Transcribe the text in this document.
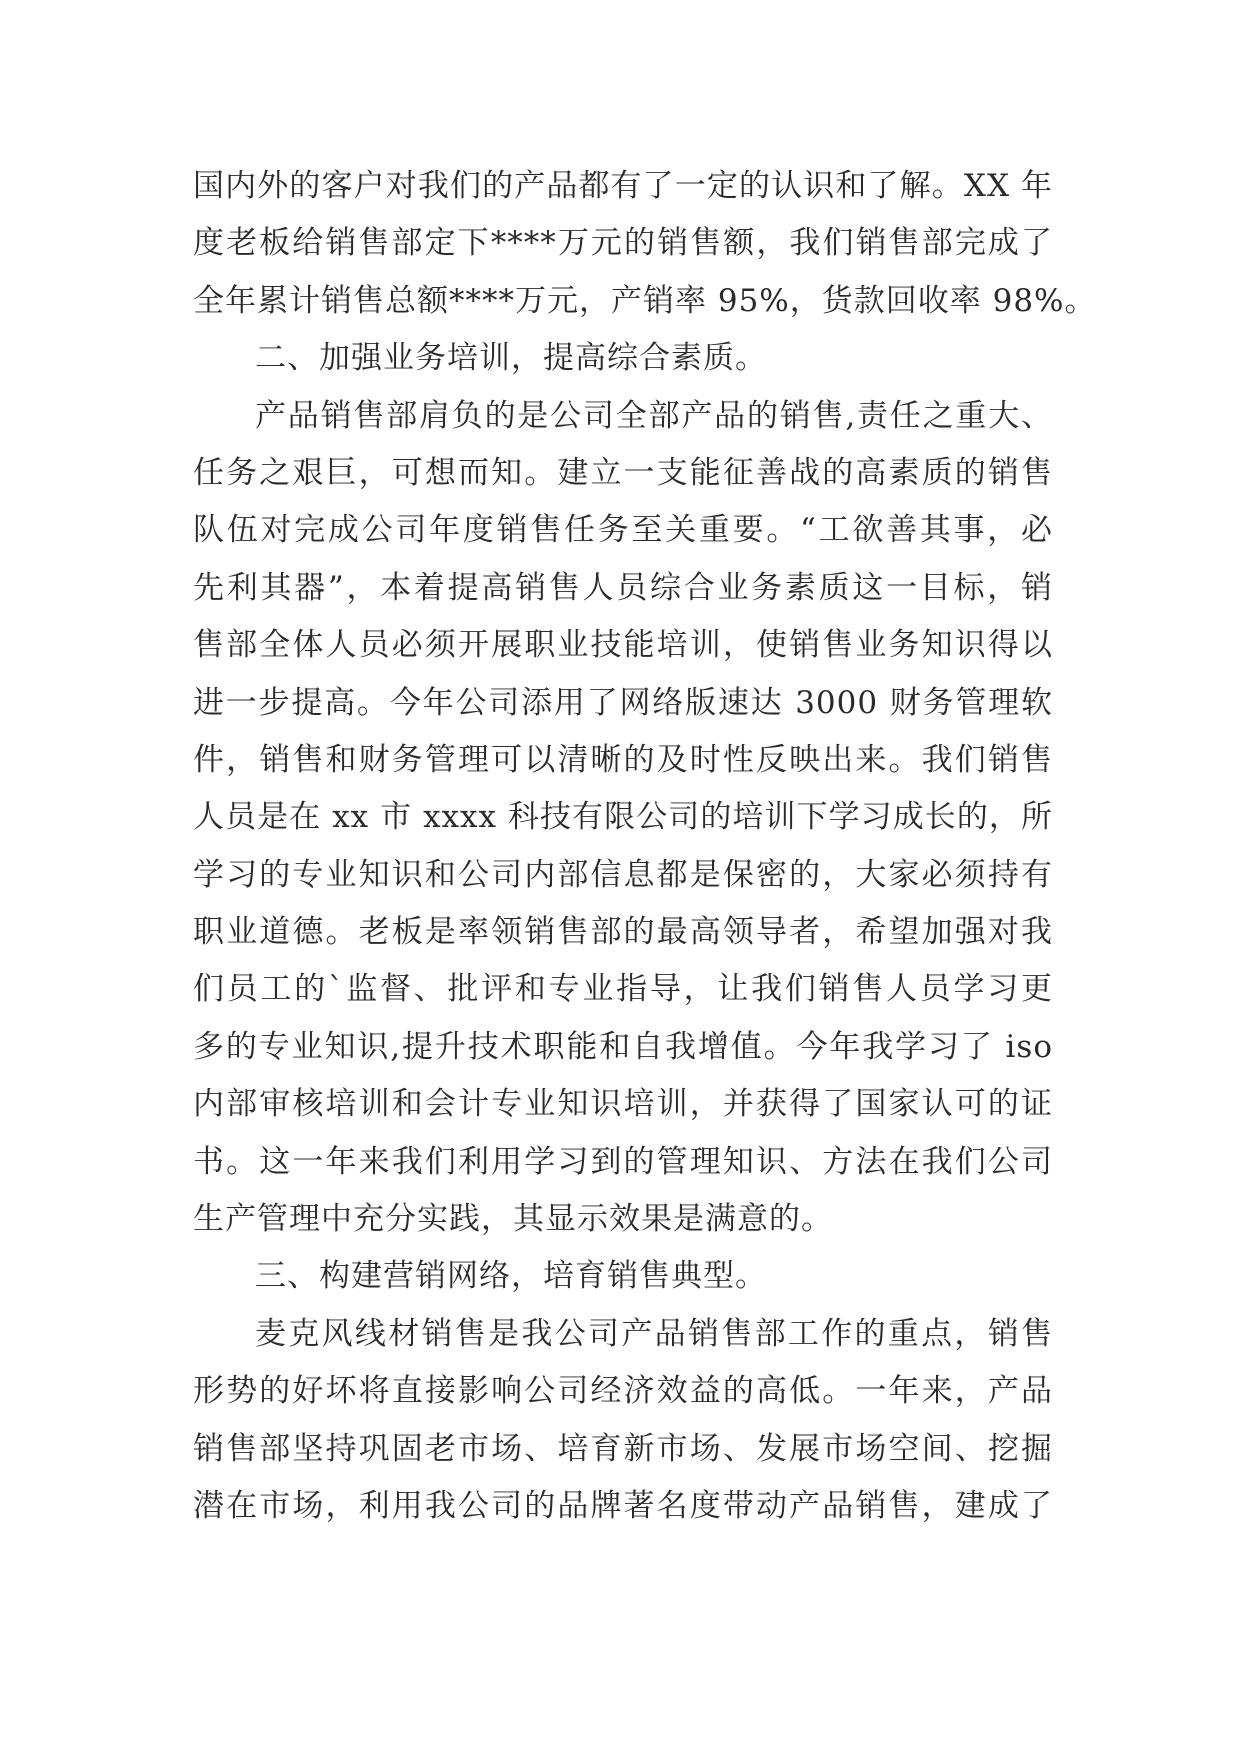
国内外的客户对我们的产品都有了一定的认识和了解。XX 年
度老板给销售部定下****万元的销售额，我们销售部完成了
全年累计销售总额****万元，产销率 95%，货款回收率 98%。
二、加强业务培训，提高综合素质。
产品销售部肩负的是公司全部产品的销售,责任之重大、
任务之艰巨，可想而知。建立一支能征善战的高素质的销售
队伍对完成公司年度销售任务至关重要。“工欲善其事，必
先利其器”，本着提高销售人员综合业务素质这一目标，销
售部全体人员必须开展职业技能培训，使销售业务知识得以
进一步提高。今年公司添用了网络版速达 3000 财务管理软
件，销售和财务管理可以清晰的及时性反映出来。我们销售
人员是在 xx 市 xxxx 科技有限公司的培训下学习成长的，所
学习的专业知识和公司内部信息都是保密的，大家必须持有
职业道德。老板是率领销售部的最高领导者，希望加强对我
们员工的`监督、批评和专业指导，让我们销售人员学习更
多的专业知识,提升技术职能和自我增值。今年我学习了 iso
内部审核培训和会计专业知识培训，并获得了国家认可的证
书。这一年来我们利用学习到的管理知识、方法在我们公司
生产管理中充分实践，其显示效果是满意的。
三、构建营销网络，培育销售典型。
麦克风线材销售是我公司产品销售部工作的重点，销售
形势的好坏将直接影响公司经济效益的高低。一年来，产品
销售部坚持巩固老市场、培育新市场、发展市场空间、挖掘
潜在市场，利用我公司的品牌著名度带动产品销售，建成了
